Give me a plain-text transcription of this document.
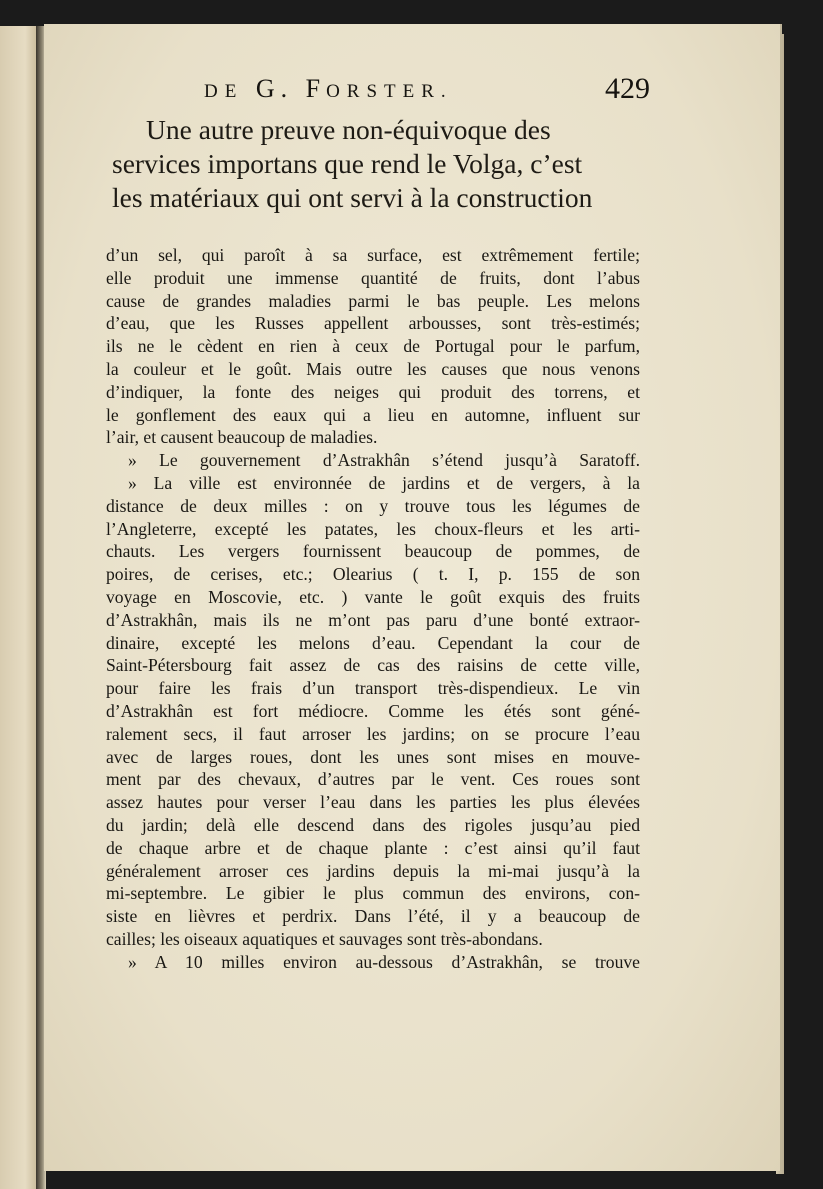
DE G. FORSTER.	429
Une autre preuve non-équivoque des
services importans que rend le Volga, c’est
les matériaux qui ont servi à la construction
d’un sel, qui paroît à sa surface, est extrêmement fertile;
elle produit une immense quantité de fruits, dont l’abus
cause de grandes maladies parmi le bas peuple. Les melons
d’eau, que les Russes appellent arbousses, sont très-estimés;
ils ne le cèdent en rien à ceux de Portugal pour le parfum,
la couleur et le goût. Mais outre les causes que nous venons
d’indiquer, la fonte des neiges qui produit des torrens, et
le gonflement des eaux qui a lieu en automne, influent sur
l’air, et causent beaucoup de maladies.
» Le gouvernement d’Astrakhân s’étend jusqu’à Saratoff.
» La ville est environnée de jardins et de vergers, à la
distance de deux milles : on y trouve tous les légumes de
l’Angleterre, excepté les patates, les choux-fleurs et les arti-
chauts. Les vergers fournissent beaucoup de pommes, de
poires, de cerises, etc.; Olearius ( t. I, p. 155 de son
voyage en Moscovie, etc. ) vante le goût exquis des fruits
d’Astrakhân, mais ils ne m’ont pas paru d’une bonté extraor-
dinaire, excepté les melons d’eau. Cependant la cour de
Saint-Pétersbourg fait assez de cas des raisins de cette ville,
pour faire les frais d’un transport très-dispendieux. Le vin
d’Astrakhân est fort médiocre. Comme les étés sont géné-
ralement secs, il faut arroser les jardins; on se procure l’eau
avec de larges roues, dont les unes sont mises en mouve-
ment par des chevaux, d’autres par le vent. Ces roues sont
assez hautes pour verser l’eau dans les parties les plus élevées
du jardin; delà elle descend dans des rigoles jusqu’au pied
de chaque arbre et de chaque plante : c’est ainsi qu’il faut
généralement arroser ces jardins depuis la mi-mai jusqu’à la
mi-septembre. Le gibier le plus commun des environs, con-
siste en lièvres et perdrix. Dans l’été, il y a beaucoup de
cailles; les oiseaux aquatiques et sauvages sont très-abondans.
» A 10 milles environ au-dessous d’Astrakhân, se trouve
